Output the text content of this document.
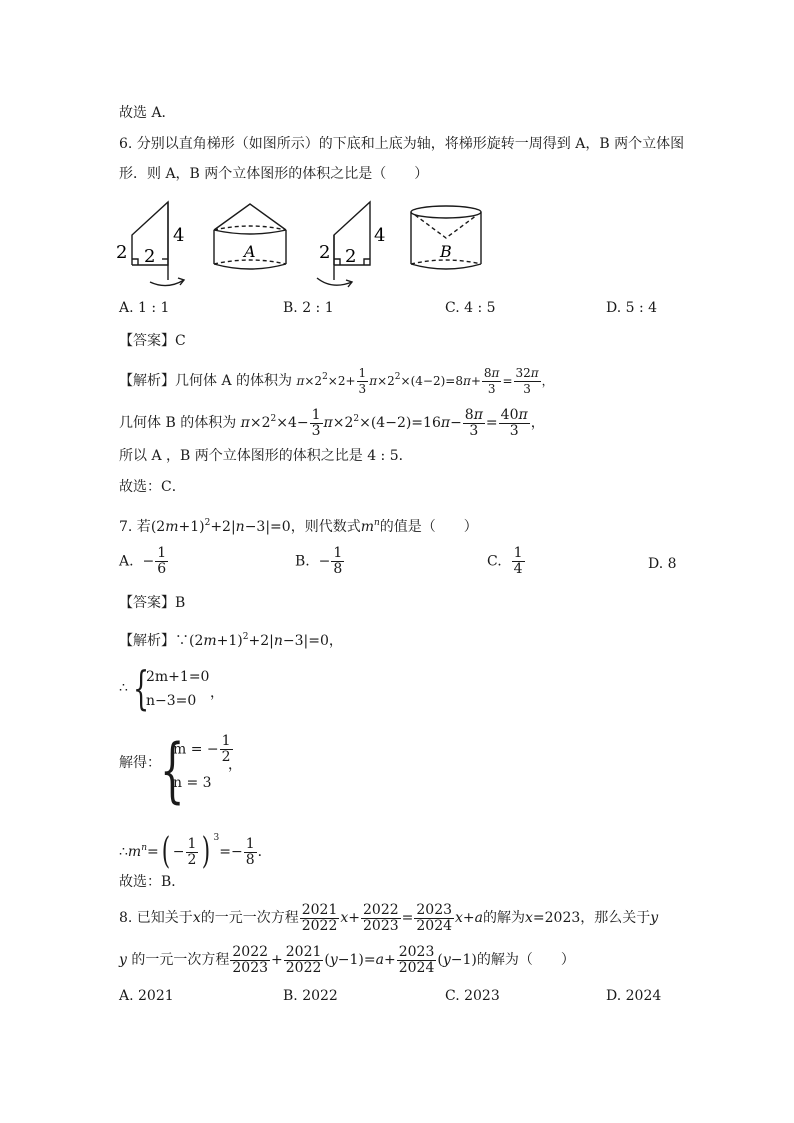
故选 A．
6. 分别以直角梯形（如图所示）的下底和上底为轴，将梯形旋转一周得到 A，B 两个立体图
形．则 A，B 两个立体图形的体积之比是（　　）
2 2
4
A	2 2
4
B
A. 1 : 1	B. 2 : 1	C. 4 : 5	D. 5 : 4
【答案】C
【解析】几何体 A 的体积为 $\pi\times 2^2\times 2+ \frac{1}{3} \pi\times 2^2\times(4-2)=8\pi+ \frac{8\pi}{3} = \frac{32\pi}{3}$ ，
几何体 B 的体积为 $\pi\times 2^2\times 4- \frac{1}{3} \pi\times 2^2\times(4-2)=16\pi- \frac{8\pi}{3} = \frac{40\pi}{3}$ ，
所以 A ，B 两个立体图形的体积之比是 4 : 5．
故选：C．
7. 若$(2m+1)^2+2|n-3|=0$，则代数式$m^n$的值是（　　）
A. − $\frac{1}{6}$	B. − $\frac{1}{8}$	C. $\frac{1}{4}$	D. 8
【答案】B
【解析】$\because(2m+1)^2+2|n-3|=0$，
∴ {
2m+1=0
n−3=0 ，
解得： {
m = − $\frac{1}{2}$
n = 3
，
$\therefore m^n=( - \frac{1}{2}$ ) $^3=- \frac{1}{8}$ ．
故选：B．
8. 已知关于x的一元一次方程 $\frac{2021}{2022} x+ \frac{2022}{2023} = \frac{2023}{2024} x+a$的解为x=2023，那么关于y
y 的一元一次方程 $\frac{2022}{2023} + \frac{2021}{2022} (y-1)=a+ \frac{2023}{2024} (y-1)$的解为（　　）
A. 2021	B. 2022	C. 2023	D. 2024
